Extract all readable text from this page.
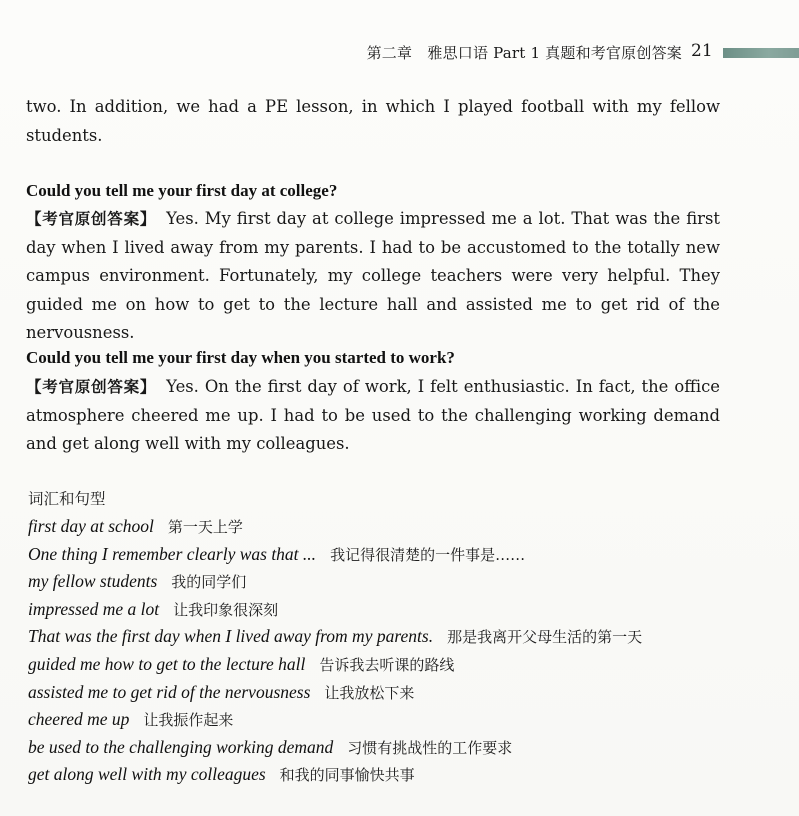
第二章　雅思口语 Part 1 真题和考官原创答案 21
two. In addition, we had a PE lesson, in which I played football with my fellow students.
Could you tell me your first day at college?
【考官原创答案】 Yes. My first day at college impressed me a lot. That was the first day when I lived away from my parents. I had to be accustomed to the totally new campus environment. Fortunately, my college teachers were very helpful. They guided me on how to get to the lecture hall and assisted me to get rid of the nervousness.
Could you tell me your first day when you started to work?
【考官原创答案】 Yes. On the first day of work, I felt enthusiastic. In fact, the office atmosphere cheered me up. I had to be used to the challenging working demand and get along well with my colleagues.
词汇和句型
first day at school 第一天上学
One thing I remember clearly was that ... 我记得很清楚的一件事是……
my fellow students 我的同学们
impressed me a lot 让我印象很深刻
That was the first day when I lived away from my parents. 那是我离开父母生活的第一天
guided me how to get to the lecture hall 告诉我去听课的路线
assisted me to get rid of the nervousness 让我放松下来
cheered me up 让我振作起来
be used to the challenging working demand 习惯有挑战性的工作要求
get along well with my colleagues 和我的同事愉快共事
